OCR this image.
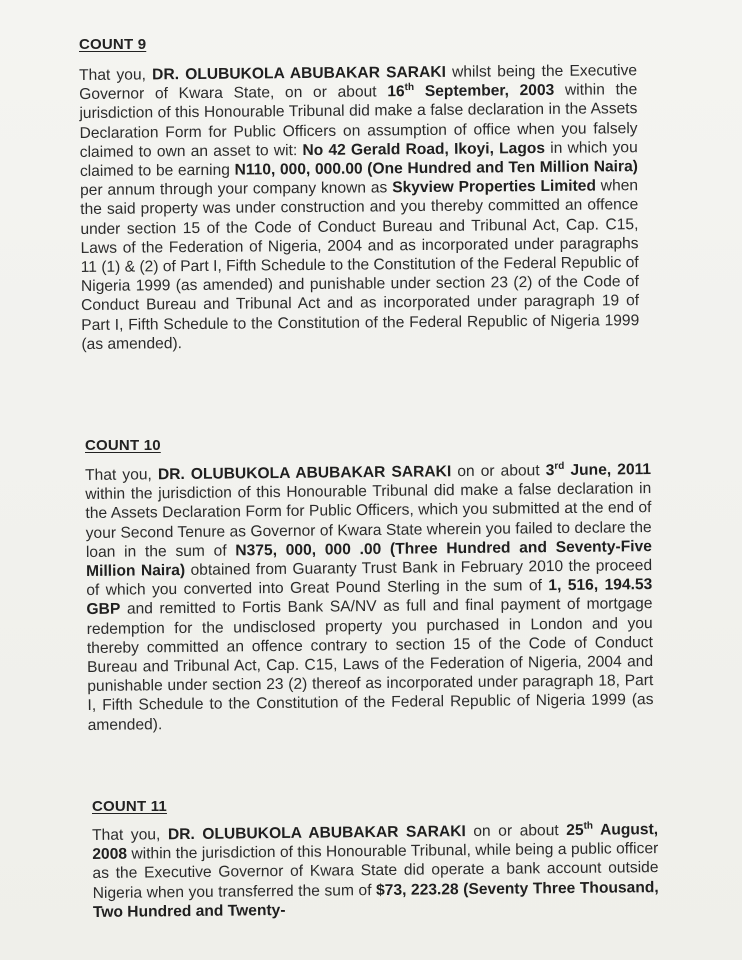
COUNT 9
That you, DR. OLUBUKOLA ABUBAKAR SARAKI whilst being the Executive Governor of Kwara State, on or about 16th September, 2003 within the jurisdiction of this Honourable Tribunal did make a false declaration in the Assets Declaration Form for Public Officers on assumption of office when you falsely claimed to own an asset to wit: No 42 Gerald Road, Ikoyi, Lagos in which you claimed to be earning N110, 000, 000.00 (One Hundred and Ten Million Naira) per annum through your company known as Skyview Properties Limited when the said property was under construction and you thereby committed an offence under section 15 of the Code of Conduct Bureau and Tribunal Act, Cap. C15, Laws of the Federation of Nigeria, 2004 and as incorporated under paragraphs 11 (1) & (2) of Part I, Fifth Schedule to the Constitution of the Federal Republic of Nigeria 1999 (as amended) and punishable under section 23 (2) of the Code of Conduct Bureau and Tribunal Act and as incorporated under paragraph 19 of Part I, Fifth Schedule to the Constitution of the Federal Republic of Nigeria 1999 (as amended).
COUNT 10
That you, DR. OLUBUKOLA ABUBAKAR SARAKI on or about 3rd June, 2011 within the jurisdiction of this Honourable Tribunal did make a false declaration in the Assets Declaration Form for Public Officers, which you submitted at the end of your Second Tenure as Governor of Kwara State wherein you failed to declare the loan in the sum of N375, 000, 000 .00 (Three Hundred and Seventy-Five Million Naira) obtained from Guaranty Trust Bank in February 2010 the proceed of which you converted into Great Pound Sterling in the sum of 1, 516, 194.53 GBP and remitted to Fortis Bank SA/NV as full and final payment of mortgage redemption for the undisclosed property you purchased in London and you thereby committed an offence contrary to section 15 of the Code of Conduct Bureau and Tribunal Act, Cap. C15, Laws of the Federation of Nigeria, 2004 and punishable under section 23 (2) thereof as incorporated under paragraph 18, Part I, Fifth Schedule to the Constitution of the Federal Republic of Nigeria 1999 (as amended).
COUNT 11
That you, DR. OLUBUKOLA ABUBAKAR SARAKI on or about 25th August, 2008 within the jurisdiction of this Honourable Tribunal, while being a public officer as the Executive Governor of Kwara State did operate a bank account outside Nigeria when you transferred the sum of $73, 223.28 (Seventy Three Thousand, Two Hundred and Twenty-
